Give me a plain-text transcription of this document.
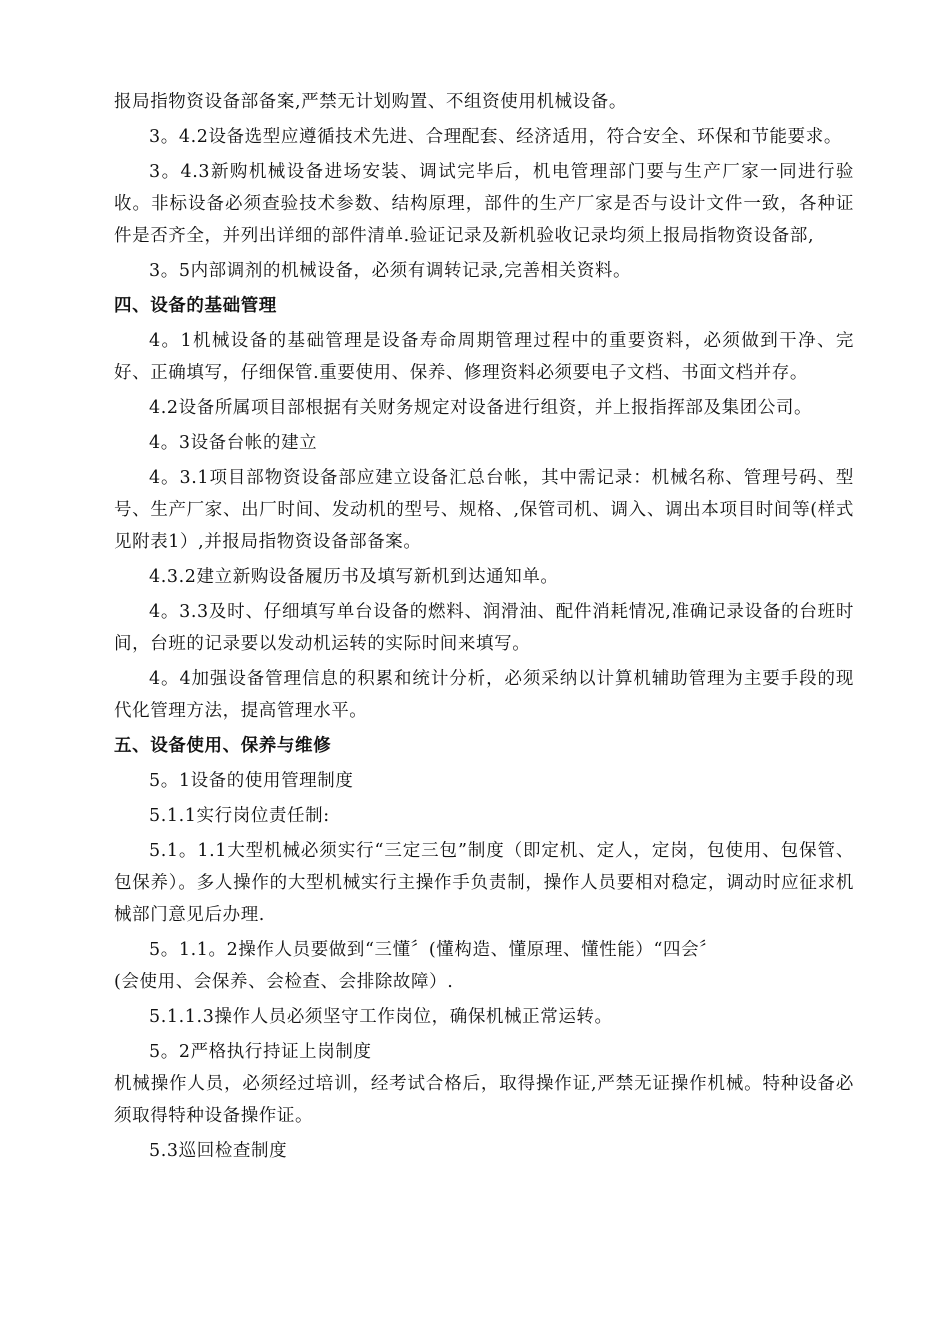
报局指物资设备部备案,严禁无计划购置、不组资使用机械设备。

3。4.2设备选型应遵循技术先进、合理配套、经济适用，符合安全、环保和节能要求。

3。4.3新购机械设备进场安装、调试完毕后，机电管理部门要与生产厂家一同进行验收。非标设备必须查验技术参数、结构原理，部件的生产厂家是否与设计文件一致，各种证件是否齐全，并列出详细的部件清单.验证记录及新机验收记录均须上报局指物资设备部,

3。5内部调剂的机械设备，必须有调转记录,完善相关资料。

四、设备的基础管理

4。1机械设备的基础管理是设备寿命周期管理过程中的重要资料，必须做到干净、完好、正确填写，仔细保管.重要使用、保养、修理资料必须要电子文档、书面文档并存。

4.2设备所属项目部根据有关财务规定对设备进行组资，并上报指挥部及集团公司。

4。3设备台帐的建立

4。3.1项目部物资设备部应建立设备汇总台帐，其中需记录：机械名称、管理号码、型号、生产厂家、出厂时间、发动机的型号、规格、,保管司机、调入、调出本项目时间等(样式见附表1）,并报局指物资设备部备案。

4.3.2建立新购设备履历书及填写新机到达通知单。

4。3.3及时、仔细填写单台设备的燃料、润滑油、配件消耗情况,准确记录设备的台班时间，台班的记录要以发动机运转的实际时间来填写。

4。4加强设备管理信息的积累和统计分析，必须采纳以计算机辅助管理为主要手段的现代化管理方法，提高管理水平。

五、设备使用、保养与维修

5。1设备的使用管理制度

5.1.1实行岗位责任制:

5.1。1.1大型机械必须实行“三定三包”制度（即定机、定人，定岗，包使用、包保管、包保养）。多人操作的大型机械实行主操作手负责制，操作人员要相对稳定，调动时应征求机械部门意见后办理.

5。1.1。2操作人员要做到“三懂〞(懂构造、懂原理、懂性能）“四会〞

(会使用、会保养、会检查、会排除故障）.

5.1.1.3操作人员必须坚守工作岗位，确保机械正常运转。

5。2严格执行持证上岗制度

机械操作人员，必须经过培训，经考试合格后，取得操作证,严禁无证操作机械。特种设备必须取得特种设备操作证。

5.3巡回检查制度
